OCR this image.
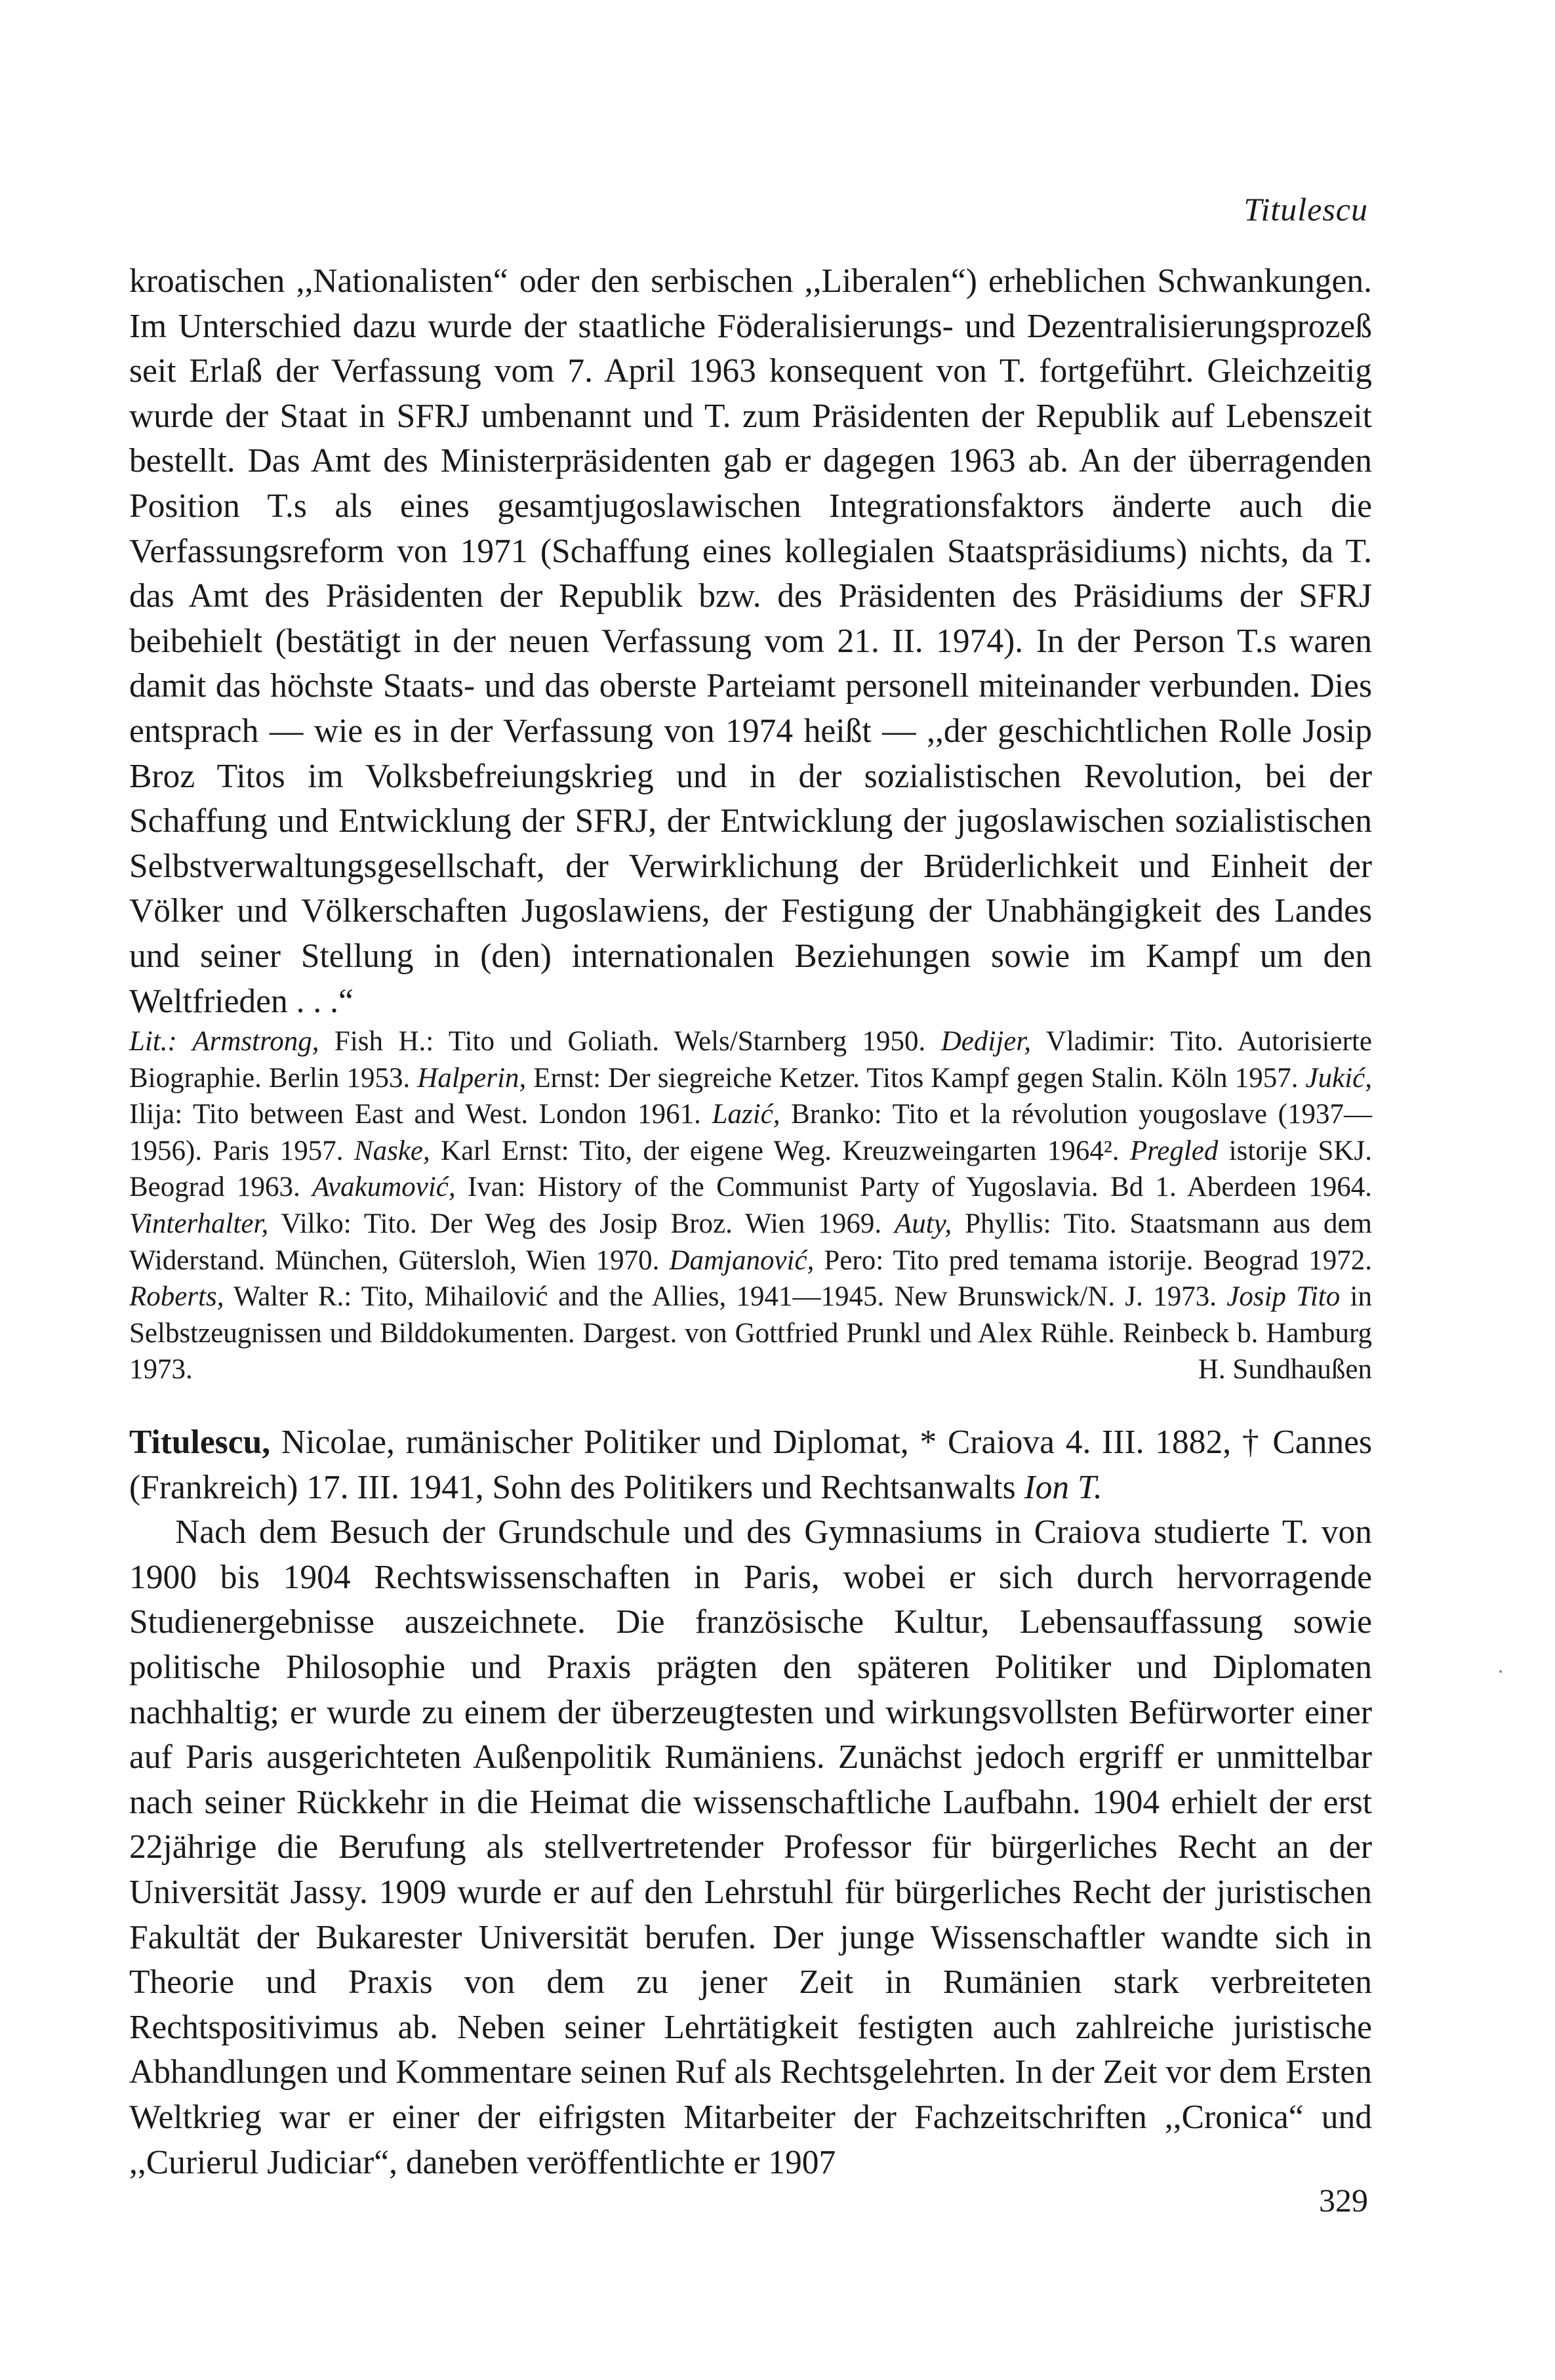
Titulescu

kroatischen ,,Nationalisten“ oder den serbischen ,,Liberalen“) erheblichen Schwankungen. Im Unterschied dazu wurde der staatliche Föderalisierungs- und Dezentralisierungsprozeß seit Erlaß der Verfassung vom 7. April 1963 konsequent von T. fortgeführt. Gleichzeitig wurde der Staat in SFRJ umbenannt und T. zum Präsidenten der Republik auf Lebenszeit bestellt. Das Amt des Ministerpräsidenten gab er dagegen 1963 ab. An der überragenden Position T.s als eines gesamtjugoslawischen Integrationsfaktors änderte auch die Verfassungsreform von 1971 (Schaffung eines kollegialen Staatspräsidiums) nichts, da T. das Amt des Präsidenten der Republik bzw. des Präsidenten des Präsidiums der SFRJ beibehielt (bestätigt in der neuen Verfassung vom 21. II. 1974). In der Person T.s waren damit das höchste Staats- und das oberste Parteiamt personell miteinander verbunden. Dies entsprach — wie es in der Verfassung von 1974 heißt — ,,der geschichtlichen Rolle Josip Broz Titos im Volksbefreiungskrieg und in der sozialistischen Revolution, bei der Schaffung und Entwicklung der SFRJ, der Entwicklung der jugoslawischen sozialistischen Selbstverwaltungsgesellschaft, der Verwirklichung der Brüderlichkeit und Einheit der Völker und Völkerschaften Jugoslawiens, der Festigung der Unabhängigkeit des Landes und seiner Stellung in (den) internationalen Beziehungen sowie im Kampf um den Weltfrieden . . .“

Lit.: Armstrong, Fish H.: Tito und Goliath. Wels/Starnberg 1950. Dedijer, Vladimir: Tito. Autorisierte Biographie. Berlin 1953. Halperin, Ernst: Der siegreiche Ketzer. Titos Kampf gegen Stalin. Köln 1957. Jukić, Ilija: Tito between East and West. London 1961. Lazić, Branko: Tito et la révolution yougoslave (1937—1956). Paris 1957. Naske, Karl Ernst: Tito, der eigene Weg. Kreuzweingarten 1964². Pregled istorije SKJ. Beograd 1963. Avakumović, Ivan: History of the Communist Party of Yugoslavia. Bd 1. Aberdeen 1964. Vinterhalter, Vilko: Tito. Der Weg des Josip Broz. Wien 1969. Auty, Phyllis: Tito. Staatsmann aus dem Widerstand. München, Gütersloh, Wien 1970. Damjanović, Pero: Tito pred temama istorije. Beograd 1972. Roberts, Walter R.: Tito, Mihailović and the Allies, 1941—1945. New Brunswick/N. J. 1973. Josip Tito in Selbstzeugnissen und Bilddokumenten. Dargest. von Gottfried Prunkl und Alex Rühle. Reinbeck b. Hamburg 1973.	H. Sundhaußen

Titulescu, Nicolae, rumänischer Politiker und Diplomat, * Craiova 4. III. 1882, † Cannes (Frankreich) 17. III. 1941, Sohn des Politikers und Rechtsanwalts Ion T.

Nach dem Besuch der Grundschule und des Gymnasiums in Craiova studierte T. von 1900 bis 1904 Rechtswissenschaften in Paris, wobei er sich durch hervorragende Studienergebnisse auszeichnete. Die französische Kultur, Lebensauffassung sowie politische Philosophie und Praxis prägten den späteren Politiker und Diplomaten nachhaltig; er wurde zu einem der überzeugtesten und wirkungsvollsten Befürworter einer auf Paris ausgerichteten Außenpolitik Rumäniens. Zunächst jedoch ergriff er unmittelbar nach seiner Rückkehr in die Heimat die wissenschaftliche Laufbahn. 1904 erhielt der erst 22jährige die Berufung als stellvertretender Professor für bürgerliches Recht an der Universität Jassy. 1909 wurde er auf den Lehrstuhl für bürgerliches Recht der juristischen Fakultät der Bukarester Universität berufen. Der junge Wissenschaftler wandte sich in Theorie und Praxis von dem zu jener Zeit in Rumänien stark verbreiteten Rechtspositivimus ab. Neben seiner Lehrtätigkeit festigten auch zahlreiche juristische Abhandlungen und Kommentare seinen Ruf als Rechtsgelehrten. In der Zeit vor dem Ersten Weltkrieg war er einer der eifrigsten Mitarbeiter der Fachzeitschriften ,,Cronica“ und ,,Curierul Judiciar“, daneben veröffentlichte er 1907

329
